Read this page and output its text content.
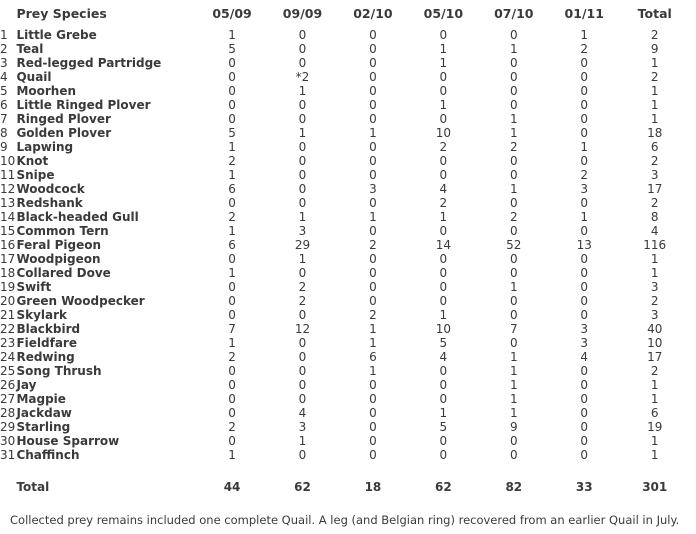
	Prey Species	05/09	09/09	02/10	05/10	07/10	01/11	Total
1	Little Grebe	1	0	0	0	0	1	2
2	Teal	5	0	0	1	1	2	9
3	Red-legged Partridge	0	0	0	1	0	0	1
4	Quail	0	*2	0	0	0	0	2
5	Moorhen	0	1	0	0	0	0	1
6	Little Ringed Plover	0	0	0	1	0	0	1
7	Ringed Plover	0	0	0	0	1	0	1
8	Golden Plover	5	1	1	10	1	0	18
9	Lapwing	1	0	0	2	2	1	6
10	Knot	2	0	0	0	0	0	2
11	Snipe	1	0	0	0	0	2	3
12	Woodcock	6	0	3	4	1	3	17
13	Redshank	0	0	0	2	0	0	2
14	Black-headed Gull	2	1	1	1	2	1	8
15	Common Tern	1	3	0	0	0	0	4
16	Feral Pigeon	6	29	2	14	52	13	116
17	Woodpigeon	0	1	0	0	0	0	1
18	Collared Dove	1	0	0	0	0	0	1
19	Swift	0	2	0	0	1	0	3
20	Green Woodpecker	0	2	0	0	0	0	2
21	Skylark	0	0	2	1	0	0	3
22	Blackbird	7	12	1	10	7	3	40
23	Fieldfare	1	0	1	5	0	3	10
24	Redwing	2	0	6	4	1	4	17
25	Song Thrush	0	0	1	0	1	0	2
26	Jay	0	0	0	0	1	0	1
27	Magpie	0	0	0	0	1	0	1
28	Jackdaw	0	4	0	1	1	0	6
29	Starling	2	3	0	5	9	0	19
30	House Sparrow	0	1	0	0	0	0	1
31	Chaffinch	1	0	0	0	0	0	1

	Total	44	62	18	62	82	33	301
Collected prey remains included one complete Quail. A leg (and Belgian ring) recovered from an earlier Quail in July.
